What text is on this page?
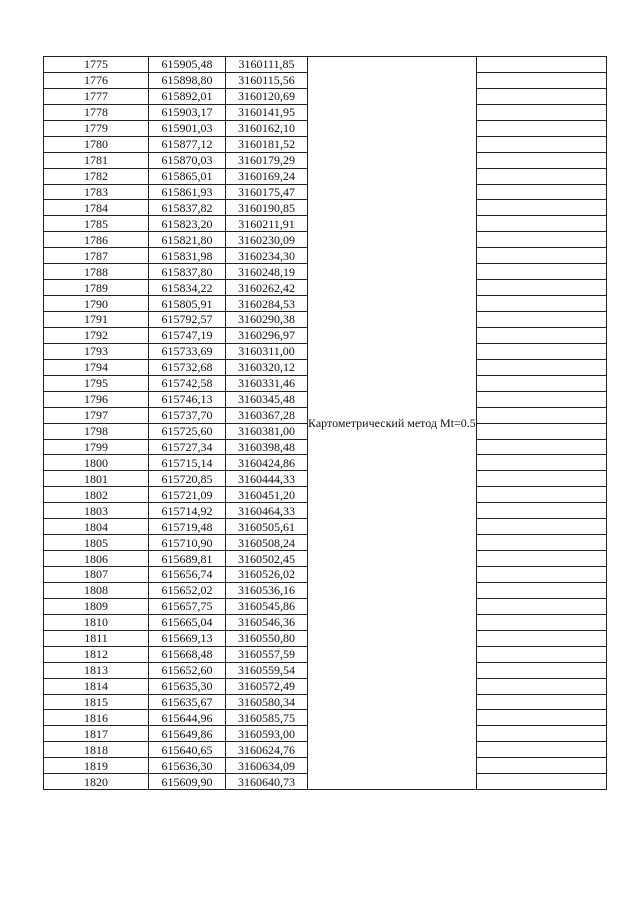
1775	615905,48	3160111,85	Картометрический метод Mt=0.5	
1776	615898,80	3160115,56		
1777	615892,01	3160120,69		
1778	615903,17	3160141,95		
1779	615901,03	3160162,10		
1780	615877,12	3160181,52		
1781	615870,03	3160179,29		
1782	615865,01	3160169,24		
1783	615861,93	3160175,47		
1784	615837,82	3160190,85		
1785	615823,20	3160211,91		
1786	615821,80	3160230,09		
1787	615831,98	3160234,30		
1788	615837,80	3160248,19		
1789	615834,22	3160262,42		
1790	615805,91	3160284,53		
1791	615792,57	3160290,38		
1792	615747,19	3160296,97		
1793	615733,69	3160311,00		
1794	615732,68	3160320,12		
1795	615742,58	3160331,46		
1796	615746,13	3160345,48		
1797	615737,70	3160367,28		
1798	615725,60	3160381,00		
1799	615727,34	3160398,48		
1800	615715,14	3160424,86		
1801	615720,85	3160444,33		
1802	615721,09	3160451,20		
1803	615714,92	3160464,33		
1804	615719,48	3160505,61		
1805	615710,90	3160508,24		
1806	615689,81	3160502,45		
1807	615656,74	3160526,02		
1808	615652,02	3160536,16		
1809	615657,75	3160545,86		
1810	615665,04	3160546,36		
1811	615669,13	3160550,80		
1812	615668,48	3160557,59		
1813	615652,60	3160559,54		
1814	615635,30	3160572,49		
1815	615635,67	3160580,34		
1816	615644,96	3160585,75		
1817	615649,86	3160593,00		
1818	615640,65	3160624,76		
1819	615636,30	3160634,09		
1820	615609,90	3160640,73		
